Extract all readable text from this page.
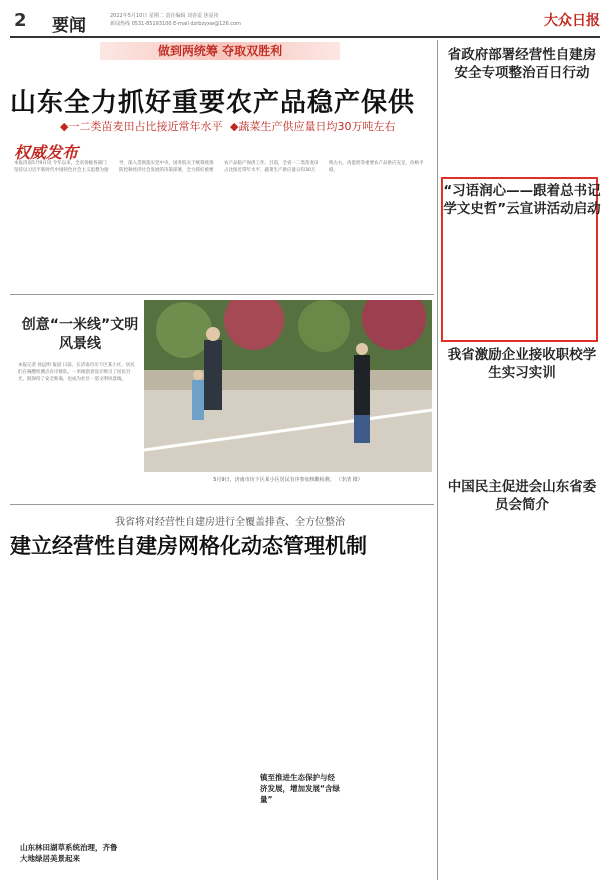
2 要闻	2022年5月10日 星期二 责任编辑 刘春雷 焦夏祎
新闻热线 0531-85193100 E-mail dzrbzyxw@126.com	大众日报
做到两统筹 夺取双胜利
山东全力抓好重要农产品稳产保供
◆一二类苗麦田占比接近常年水平 ◆蔬菜生产供应量日均30万吨左右
权威发布

本报济南5月9日讯 今年以来，全省各级各部门坚持以习近平新时代中国特色社会主义思想为指导，深入贯彻落实党中央、国务院关于统筹疫情防控和经济社会发展的决策部署，全力抓好重要农产品稳产保供工作。目前，全省一二类苗麦田占比接近常年水平，蔬菜生产供应量日均30万吨左右，肉蛋奶等重要农产品供应充足、价格平稳。

创意“一米线”文明风景线

本报记者 孙远明 报道 日前，在济南市历下区某小区，居民们在核酸检测点有序排队。一米线创意设计吸引了居民目光，既保持了安全距离，也成为社区一道文明风景线。

5月9日，济南市历下区某小区居民有序参加核酸检测。 （李清 摄）
我省将对经营性自建房进行全覆盖排查、全方位整治
建立经营性自建房网格化动态管理机制
山东林田湖草系统治理，齐鲁大地绿居美景起来
镇至推进生态保护与经济发展，增加发展“含绿量”
省政府部署经营性自建房安全专项整治百日行动
“习语润心——跟着总书记学文史哲”云宣讲活动启动
我省激励企业接收职校学生实习实训
中国民主促进会山东省委员会简介
